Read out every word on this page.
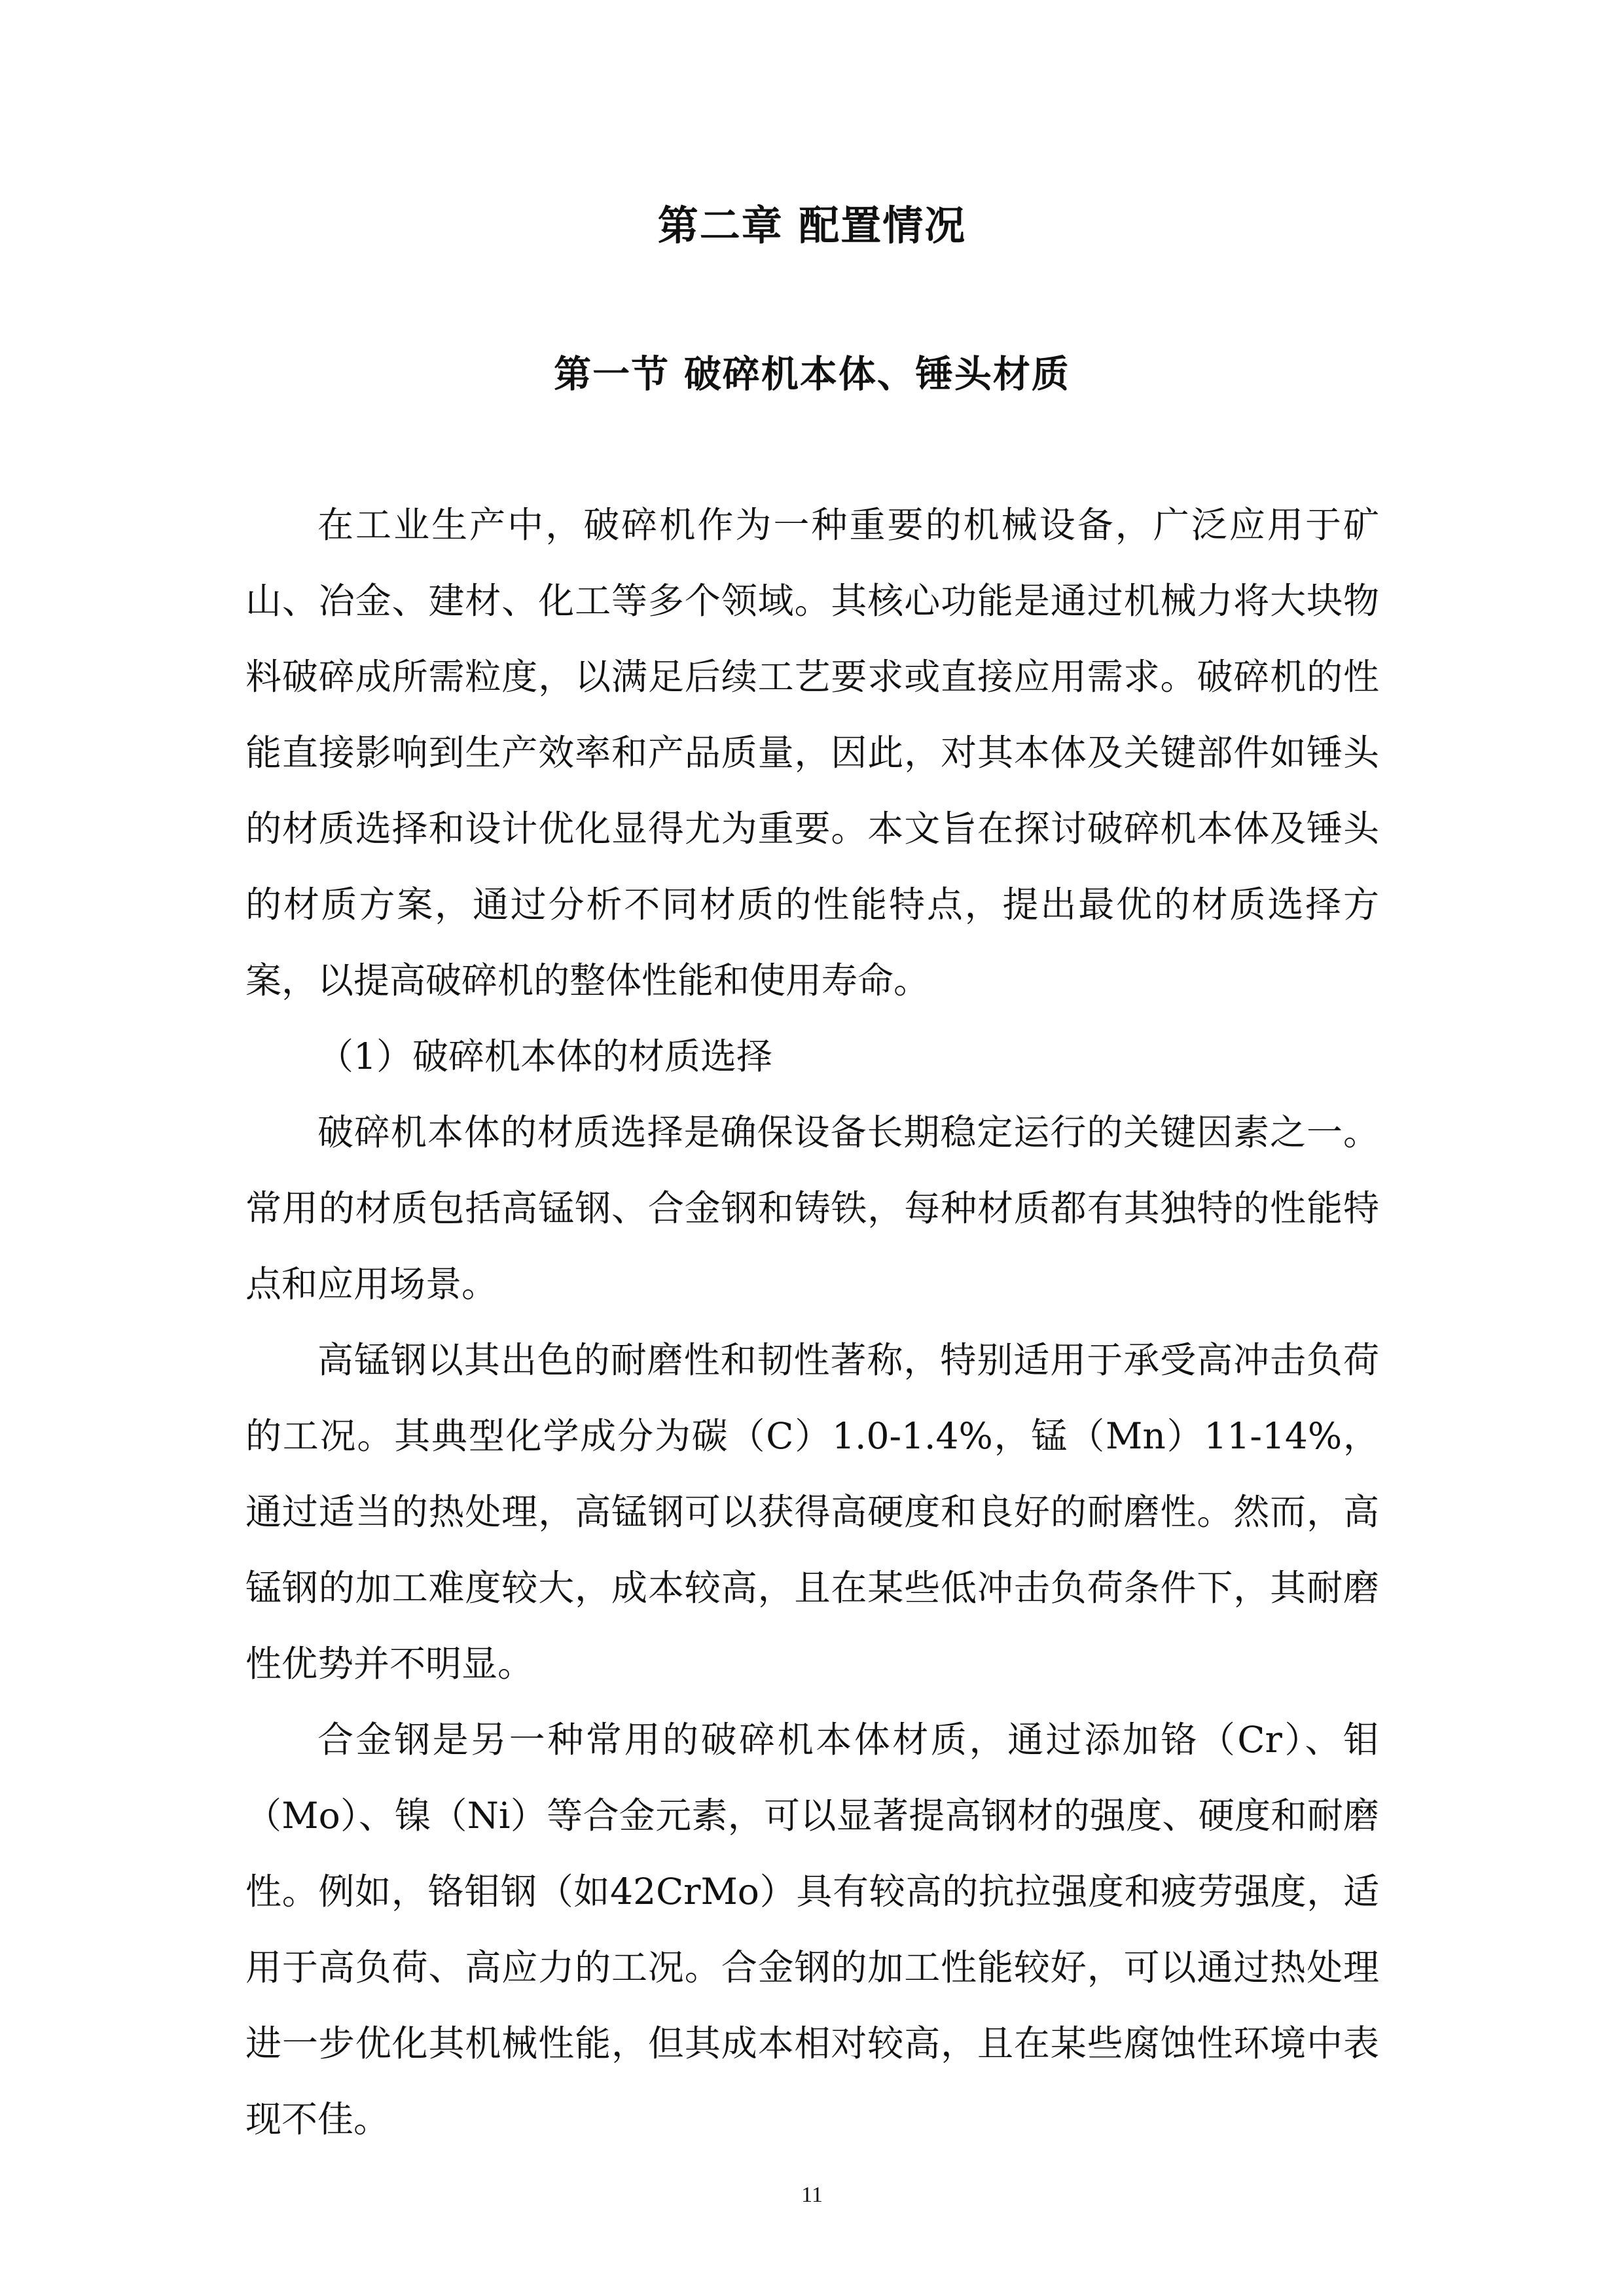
第二章 配置情况
第一节 破碎机本体、锤头材质

在工业生产中，破碎机作为一种重要的机械设备，广泛应用于矿山、冶金、建材、化工等多个领域。其核心功能是通过机械力将大块物料破碎成所需粒度，以满足后续工艺要求或直接应用需求。破碎机的性能直接影响到生产效率和产品质量，因此，对其本体及关键部件如锤头的材质选择和设计优化显得尤为重要。本文旨在探讨破碎机本体及锤头的材质方案，通过分析不同材质的性能特点，提出最优的材质选择方案，以提高破碎机的整体性能和使用寿命。

（1）破碎机本体的材质选择

破碎机本体的材质选择是确保设备长期稳定运行的关键因素之一。常用的材质包括高锰钢、合金钢和铸铁，每种材质都有其独特的性能特点和应用场景。

高锰钢以其出色的耐磨性和韧性著称，特别适用于承受高冲击负荷的工况。其典型化学成分为碳（C）1.0-1.4%，锰（Mn）11-14%，通过适当的热处理，高锰钢可以获得高硬度和良好的耐磨性。然而，高锰钢的加工难度较大，成本较高，且在某些低冲击负荷条件下，其耐磨性优势并不明显。

合金钢是另一种常用的破碎机本体材质，通过添加铬（Cr）、钼（Mo）、镍（Ni）等合金元素，可以显著提高钢材的强度、硬度和耐磨性。例如，铬钼钢（如42CrMo）具有较高的抗拉强度和疲劳强度，适用于高负荷、高应力的工况。合金钢的加工性能较好，可以通过热处理进一步优化其机械性能，但其成本相对较高，且在某些腐蚀性环境中表现不佳。

11
